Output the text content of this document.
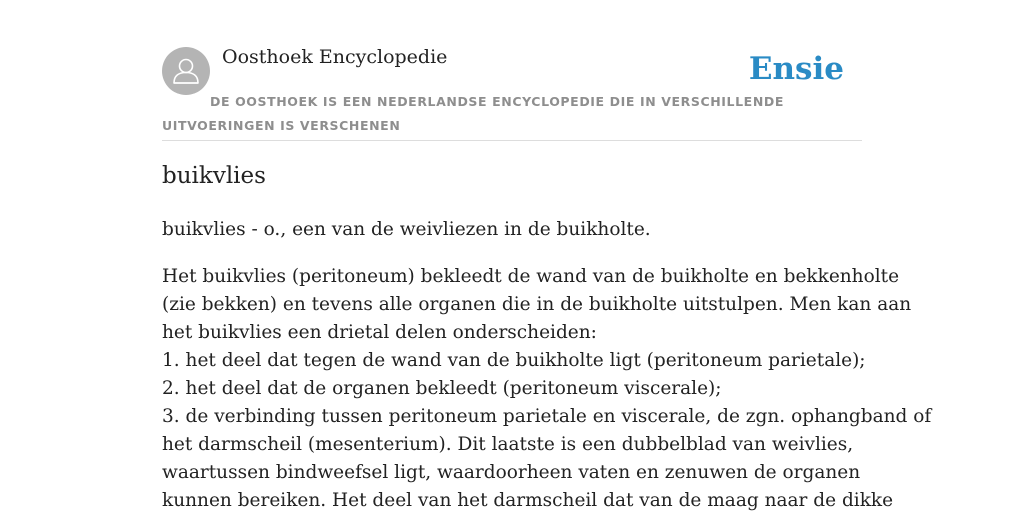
Oosthoek Encyclopedie	Ensie
DE OOSTHOEK IS EEN NEDERLANDSE ENCYCLOPEDIE DIE IN VERSCHILLENDE UITVOERINGEN IS VERSCHENEN
buikvlies

buikvlies - o., een van de weivliezen in de buikholte.

Het buikvlies (peritoneum) bekleedt de wand van de buikholte en bekkenholte
(zie bekken) en tevens alle organen die in de buikholte uitstulpen. Men kan aan
het buikvlies een drietal delen onderscheiden:
1. het deel dat tegen de wand van de buikholte ligt (peritoneum parietale);
2. het deel dat de organen bekleedt (peritoneum viscerale);
3. de verbinding tussen peritoneum parietale en viscerale, de zgn. ophangband of
het darmscheil (mesenterium). Dit laatste is een dubbelblad van weivlies,
waartussen bindweefsel ligt, waardoorheen vaten en zenuwen de organen
kunnen bereiken. Het deel van het darmscheil dat van de maag naar de dikke
